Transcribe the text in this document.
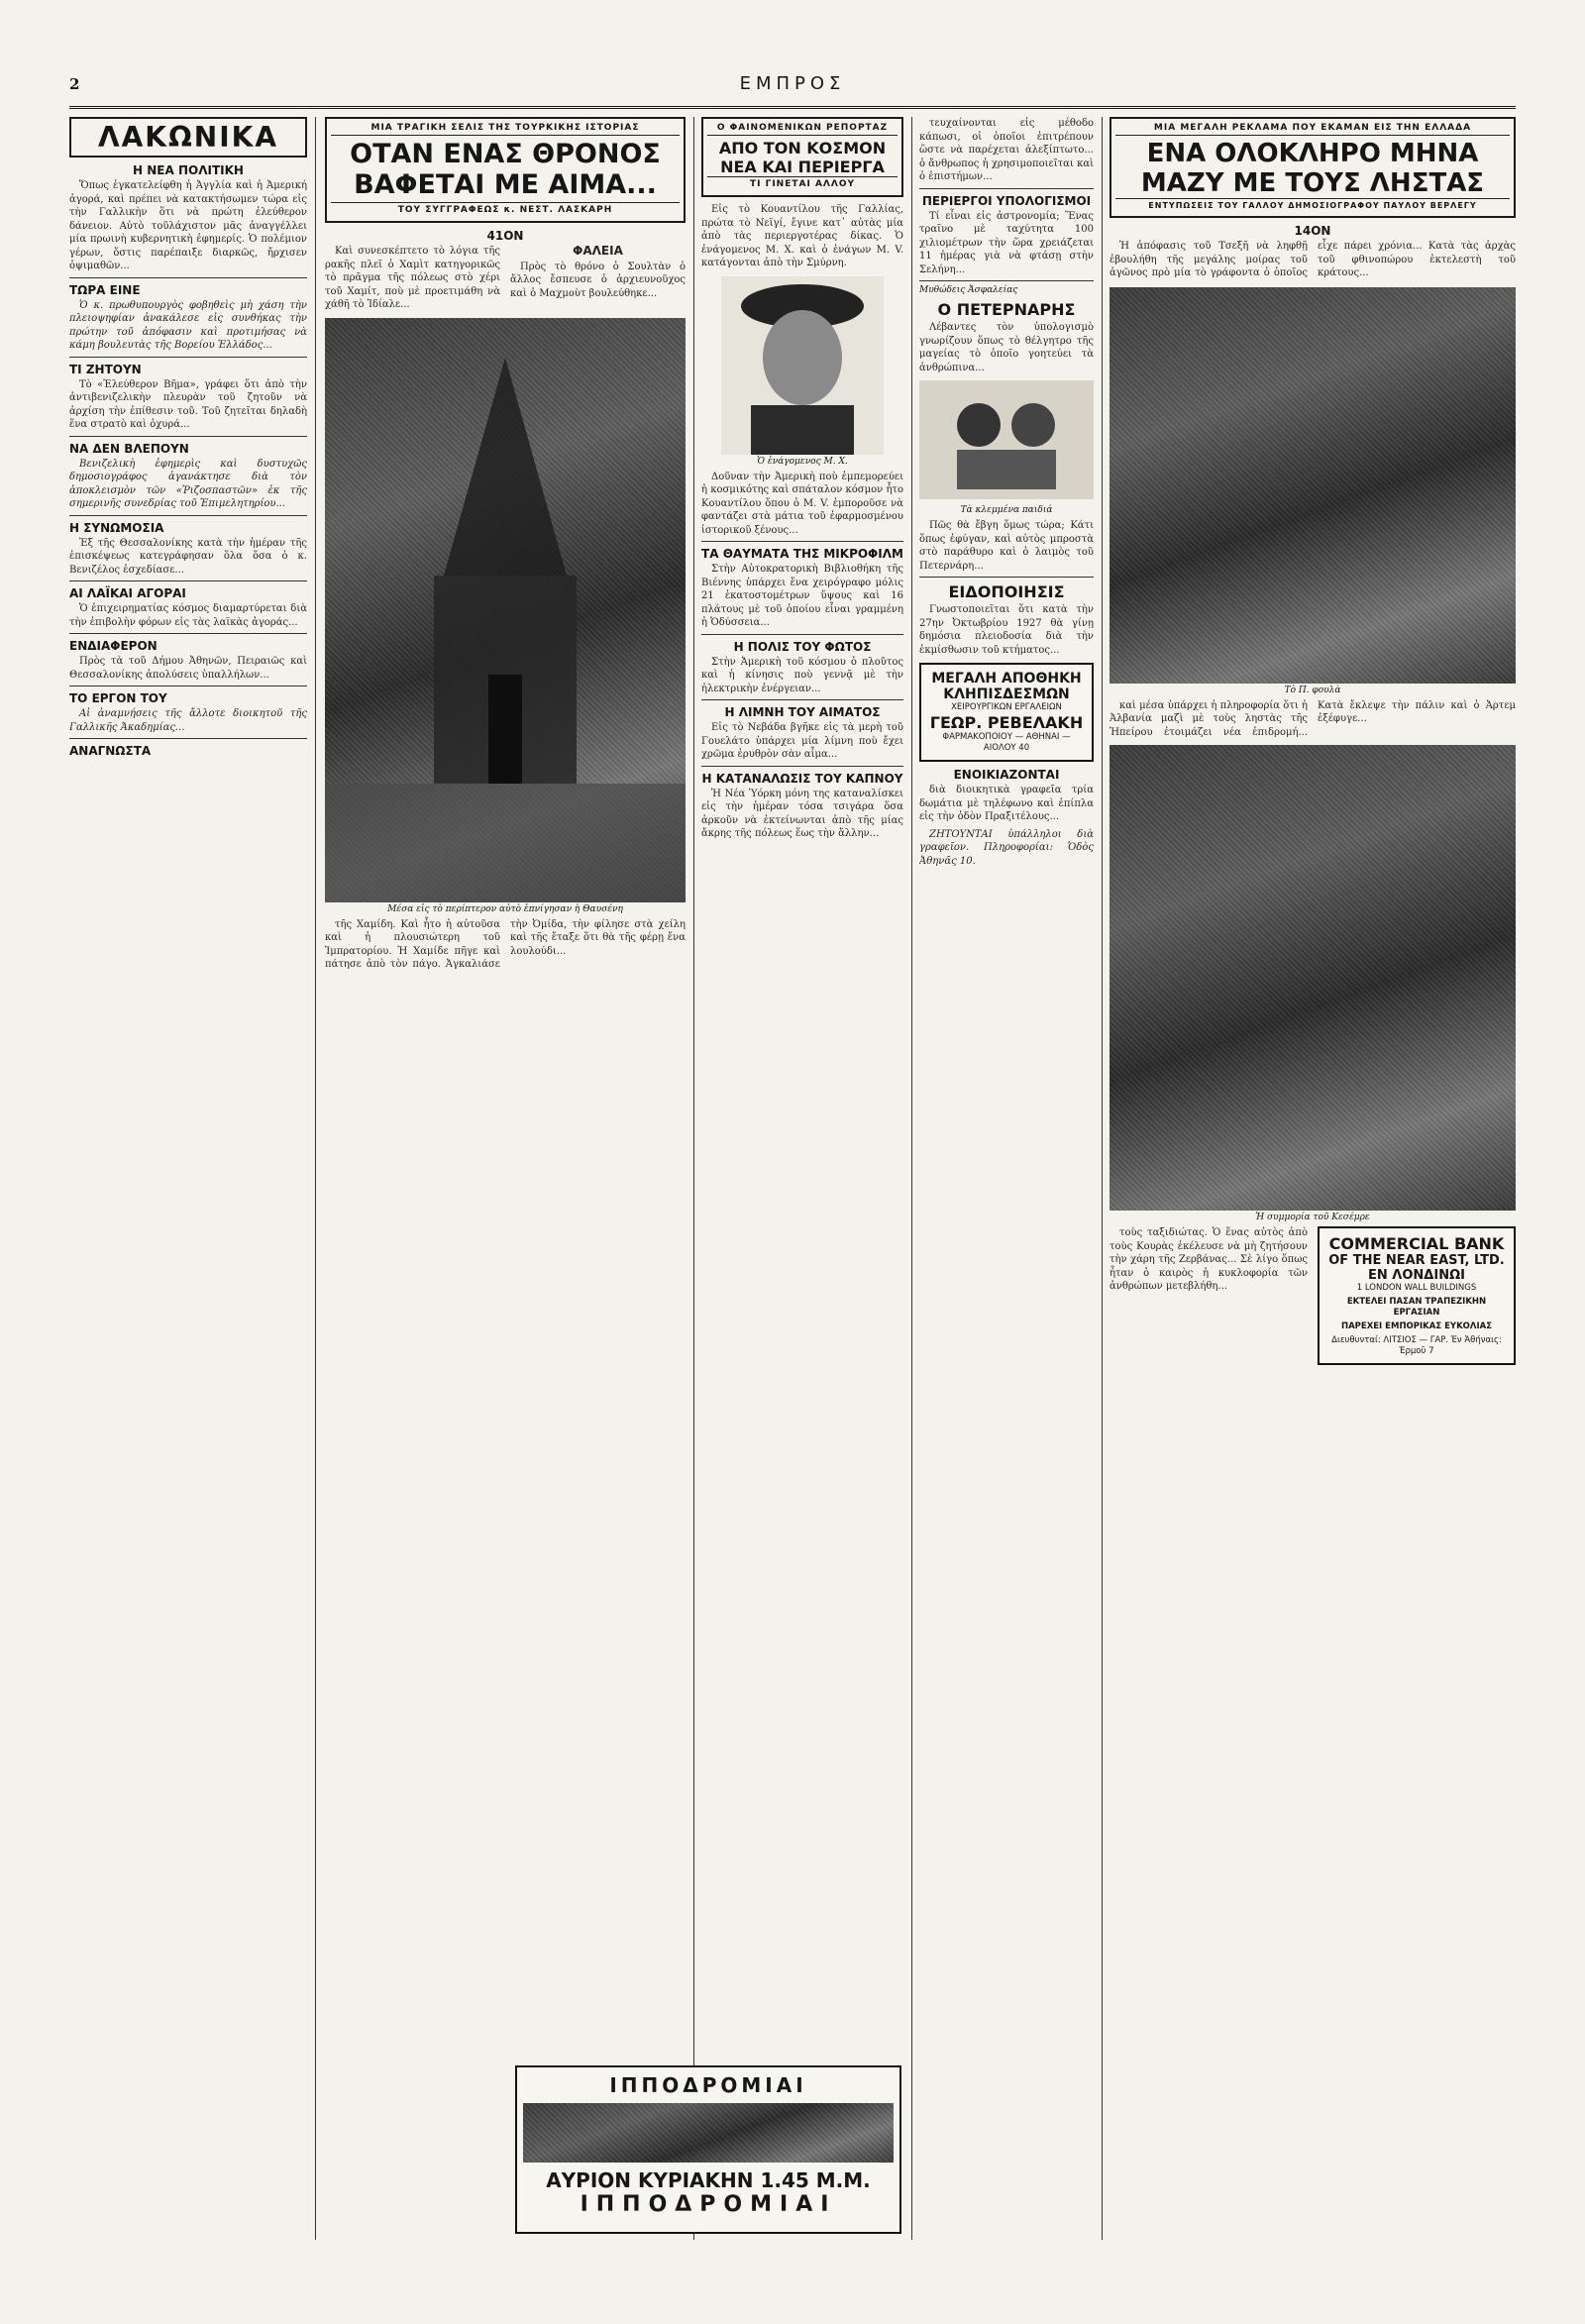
2	ΕΜΠΡΟΣ
ΛΑΚΩΝΙΚΑ
Η ΝΕΑ ΠΟΛΙΤΙΚΗ

Ὅπως ἐγκατελείφθη ἡ Ἀγγλία καὶ ἡ Ἀμερική ἀγορά, καὶ πρέπει νὰ κατακτήσωμεν τώρα εἰς τὴν Γαλλικὴν ὅτι νὰ πρώτη ἐλεύθερον δάνειον. Αὐτὸ τοῦλάχιστον μᾶς ἀναγγέλλει μία πρωινὴ κυβερνητικὴ ἐφημερίς. Ὁ πολέμιον γέρων, ὅστις παρέπαιξε διαρκῶς, ἤρχισεν ὀψιμαθῶν...

ΤΩΡΑ ΕΙΝΕ

Ὁ κ. πρωθυπουργὸς φοβηθεὶς μὴ χάση τὴν πλειοψηφίαν ἀνακάλεσε εἰς συνθήκας τὴν πρώτην τοῦ ἀπόφασιν καὶ προτιμήσας νὰ κάμη βουλευτὰς τῆς Βορείου Ἑλλάδος...

ΤΙ ΖΗΤΟΥΝ

Τὸ «Ἐλεύθερον Βῆμα», γράφει ὅτι ἀπὸ τὴν ἀντιβενιζελικὴν πλευρὰν τοῦ ζητοῦν νὰ ἀρχίση τὴν ἐπίθεσιν τοῦ. Τοῦ ζητεῖται δηλαδὴ ἕνα στρατὸ καὶ ὀχυρά...

ΝΑ ΔΕΝ ΒΛΕΠΟΥΝ

Βενιζελικὴ ἐφημερὶς καὶ δυστυχῶς δημοσιογράφος ἀγανάκτησε διὰ τὸν ἀποκλεισμὸν τῶν «Ῥιζοσπαστῶν» ἐκ τῆς σημερινῆς συνεδρίας τοῦ Ἐπιμελητηρίου...

Η ΣΥΝΩΜΟΣΙΑ

Ἐξ τῆς Θεσσαλονίκης κατὰ τὴν ἡμέραν τῆς ἐπισκέψεως κατεγράφησαν ὅλα ὅσα ὁ κ. Βενιζέλος ἐσχεδίασε...

ΑΙ ΛΑΪΚΑΙ ΑΓΟΡΑΙ

Ὁ ἐπιχειρηματίας κόσμος διαμαρτύρεται διὰ τὴν ἐπιβολὴν φόρων εἰς τὰς λαϊκὰς ἀγοράς...

ΕΝΔΙΑΦΕΡΟΝ

Πρὸς τὰ τοῦ Δήμου Ἀθηνῶν, Πειραιῶς καὶ Θεσσαλονίκης ἀπολύσεις ὑπαλλήλων...

ΤΟ ΕΡΓΟΝ ΤΟΥ

Αἱ ἀναμνήσεις τῆς ἄλλοτε διοικητοῦ τῆς Γαλλικῆς Ἀκαδημίας...

ΑΝΑΓΝΩΣΤΑ
ΜΙΑ ΤΡΑΓΙΚΗ ΣΕΛΙΣ ΤΗΣ ΤΟΥΡΚΙΚΗΣ ΙΣΤΟΡΙΑΣ
ΟΤΑΝ ΕΝΑΣ ΘΡΟΝΟΣ
ΒΑΦΕΤΑΙ ΜΕ ΑΙΜΑ...
ΤΟΥ ΣΥΓΓΡΑΦΕΩΣ κ. ΝΕΣΤ. ΛΑΣΚΑΡΗ
41ΟΝ

Καὶ συνεσκέπτετο τὸ λόγια τῆς ρακῆς πλεῖ ὁ Χαμὶτ κατηγορικῶς τὸ πρᾶγμα τῆς πόλεως στὸ χέρι τοῦ Χαμίτ, ποὺ μὲ προετιμάθη νὰ χάθῆ τὸ Ἰδίαλε...

ΦΑΛΕΙΑ

Πρὸς τὸ θρόνο ὁ Σουλτὰν ὁ ἄλλος ἔσπευσε ὁ ἀρχιευνοῦχος καὶ ὁ Μαχμοὺτ βουλεύθηκε...

Μέσα εἰς τὸ περίπτερον αὐτὸ ἐπνίγησαν ἡ Θαυσένη

τῆς Χαμίδη. Καὶ ἦτο ἡ αὐτοῦσα καὶ ἡ πλουσιώτερη τοῦ Ἰμπρατορίου. Ἡ Χαμίδε πῆγε καὶ πάτησε ἀπὸ τὸν πάγο. Ἀγκαλιάσε τὴν Ὀμίδα, τὴν φίλησε στὰ χείλη καὶ τῆς ἔταξε ὅτι θὰ τῆς φέρῃ ἕνα λουλούδι...

Ο ΦΑΙΝΟΜΕΝΙΚΩΝ ΡΕΠΟΡΤΑΖ
ΑΠΟ ΤΟΝ ΚΟΣΜΟΝ
ΝΕΑ ΚΑΙ ΠΕΡΙΕΡΓΑ
ΤΙ ΓΙΝΕΤΑΙ ΑΛΛΟΥ

Εἰς τὸ Κουαντίλου τῆς Γαλλίας, πρώτα τὸ Νεϊγί, ἔγινε κατ᾽ αὐτὰς μία ἀπὸ τὰς περιεργοτέρας δίκας. Ὁ ἐνάγομενος Μ. Χ. καὶ ὁ ἐνάγων Μ. V. κατάγονται ἀπὸ τὴν Σμύρνη.

Ὁ ἐνάγομενος Μ. Χ.

Δοῦναν τὴν Ἀμερικὴ ποὺ ἐμπεμορεύει ἡ κοσμικότης καὶ σπάταλον κόσμον ἦτο Κουαντίλου ὅπου ὁ Μ. V. ἐμποροῦσε νὰ φαντάζει στὰ μάτια τοῦ ἐφαρμοσμένου ἰστορικοῦ ξένους...

ΤΑ ΘΑΥΜΑΤΑ ΤΗΣ ΜΙΚΡΟΦΙΛΜ

Στὴν Αὐτοκρατορικὴ Βιβλιοθήκη τῆς Βιέννης ὑπάρχει ἕνα χειρόγραφο μόλις 21 ἑκατοστομέτρων ὕψους καὶ 16 πλάτους μὲ τοῦ ὁποίου εἶναι γραμμένη ἡ Ὁδύσσεια...

Η ΠΟΛΙΣ ΤΟΥ ΦΩΤΟΣ

Στὴν Ἀμερικὴ τοῦ κόσμου ὁ πλοῦτος καὶ ἡ κίνησις ποὺ γεννᾷ μὲ τὴν ἠλεκτρικὴν ἐνέργειαν...

Η ΛΙΜΝΗ ΤΟΥ ΑΙΜΑΤΟΣ

Εἰς τὸ Νεβάδα βγῆκε εἰς τὰ μερὴ τοῦ Γουελάτο ὑπάρχει μία λίμνη ποὺ ἔχει χρῶμα ἐρυθρὸν σὰν αἷμα...

Η ΚΑΤΑΝΑΛΩΣΙΣ ΤΟΥ ΚΑΠΝΟΥ

Ἡ Νέα Ὑόρκη μόνη της καταναλίσκει εἰς τὴν ἡμέραν τόσα τσιγάρα ὅσα ἀρκοῦν νὰ ἐκτείνωνται ἀπὸ τῆς μίας ἄκρης τῆς πόλεως ἕως τὴν ἄλλην...

ΙΠΠΟΔΡΟΜΙΑΙ
ΑΥΡΙΟΝ ΚΥΡΙΑΚΗΝ 1.45 Μ.Μ.
ΙΠΠΟΔΡΟΜΙΑΙ

τευχαίνονται εἰς μέθοδο κάπωσι, οἱ ὁποῖοι ἐπιτρέπουν ὥστε νὰ παρέχεται ἀλεξίπτωτο... ὁ ἄνθρωπος ἡ χρησιμοποιεῖται καὶ ὁ ἐπιστήμων...

ΠΕΡΙΕΡΓΟΙ ΥΠΟΛΟΓΙΣΜΟΙ

Τί εἶναι εἰς ἀστρονομία; Ἕνας τραῖνο μὲ ταχύτητα 100 χιλιομέτρων τὴν ὥρα χρειάζεται 11 ἡμέρας γιὰ νὰ φτάσῃ στὴν Σελήνη...

Μυθώδεις Ἀσφαλείας
Ο ΠΕΤΕΡΝΑΡΗΣ

Λέβαντες τὸν ὑπολογισμὸ γνωρίζουν ὅπως τὸ θέλγητρο τῆς μαγείας τὸ ὁποῖο γοητεύει τὰ ἀνθρώπινα...

Τὰ κλεμμένα παιδιά

Πῶς θὰ ἔβγη ὅμως τώρα; Κάτι ὅπως ἐφύγαν, καὶ αὐτὸς μπροστὰ στὸ παράθυρο καὶ ὁ λαιμὸς τοῦ Πετερνάρη...

ΕΙΔΟΠΟΙΗΣΙΣ

Γνωστοποιεῖται ὅτι κατὰ τὴν 27ην Ὀκτωβρίου 1927 θὰ γίνῃ δημόσια πλειοδοσία διὰ τὴν ἐκμίσθωσιν τοῦ κτήματος...

ΜΕΓΑΛΗ ΑΠΟΘΗΚΗ
ΚΛΗΠΙΣΔΕΣΜΩΝ
ΧΕΙΡΟΥΡΓΙΚΩΝ ΕΡΓΑΛΕΙΩΝ
ΓΕΩΡ. ΡΕΒΕΛΑΚΗ
ΦΑΡΜΑΚΟΠΟΙΟΥ — ΑΘΗΝΑΙ — ΑΙΟΛΟΥ 40
ΕΝΟΙΚΙΑΖΟΝΤΑΙ

διὰ διοικητικὰ γραφεῖα τρία δωμάτια μὲ τηλέφωνο καὶ ἐπίπλα εἰς τὴν ὁδὸν Πραξιτέλους...

ΖΗΤΟΥΝΤΑΙ ὑπάλληλοι διὰ γραφεῖον. Πληροφορίαι: Ὁδὸς Ἀθηνᾶς 10.

ΜΙΑ ΜΕΓΑΛΗ ΡΕΚΛΑΜΑ ΠΟΥ ΕΚΑΜΑΝ ΕΙΣ ΤΗΝ ΕΛΛΑΔΑ
ΕΝΑ ΟΛΟΚΛΗΡΟ ΜΗΝΑ
ΜΑΖΥ ΜΕ ΤΟΥΣ ΛΗΣΤΑΣ
ΕΝΤΥΠΩΣΕΙΣ ΤΟΥ ΓΑΛΛΟΥ ΔΗΜΟΣΙΟΓΡΑΦΟΥ ΠΑΥΛΟΥ ΒΕΡΛΕΓΥ
14ΟΝ

Ἡ ἀπόφασις τοῦ Τσεξῆ νὰ ληφθῇ ἐβουλήθη τῆς μεγάλης μοίρας τοῦ ἀγῶνος πρὸ μία τὸ γράφοντα ὁ ὁποῖος εἶχε πάρει χρόνια... Κατὰ τὰς ἀρχὰς τοῦ φθινοπώρου ἐκτελεστὴ τοῦ κράτους...

Τὸ Π. φουλὰ

καὶ μέσα ὑπάρχει ἡ πληροφορία ὅτι ἡ Ἀλβανία μαζὶ μὲ τοὺς ληστὰς τῆς Ἠπείρου ἐτοιμάζει νέα ἐπιδρομή... Κατὰ ἔκλεψε τὴν πάλιν καὶ ὁ Ἀρτεμ ἐξέφυγε...

Ἡ συμμορία τοῦ Κεσέμρε

τοὺς ταξιδιώτας. Ὁ ἕνας αὐτὸς ἀπὸ τοὺς Κουρὰς ἐκέλευσε νὰ μὴ ζητήσουν τὴν χάρη τῆς Ζερβάνας... Σὲ λίγο ὅπως ἦταν ὁ καιρὸς ἡ κυκλοφορία τῶν ἀνθρώπων μετεβλήθη...

COMMERCIAL BANK
OF THE NEAR EAST, LTD.
ΕΝ ΛΟΝΔΙΝΩΙ
1 LONDON WALL BUILDINGS
ΕΚΤΕΛΕΙ ΠΑΣΑΝ ΤΡΑΠΕΖΙΚΗΝ ΕΡΓΑΣΙΑΝ
ΠΑΡΕΧΕΙ ΕΜΠΟΡΙΚΑΣ ΕΥΚΟΛΙΑΣ
Διευθυνταί: ΛΙΤΣΙΟΣ — ΓΑΡ. Ἐν Ἀθήναις: Ἑρμοῦ 7
